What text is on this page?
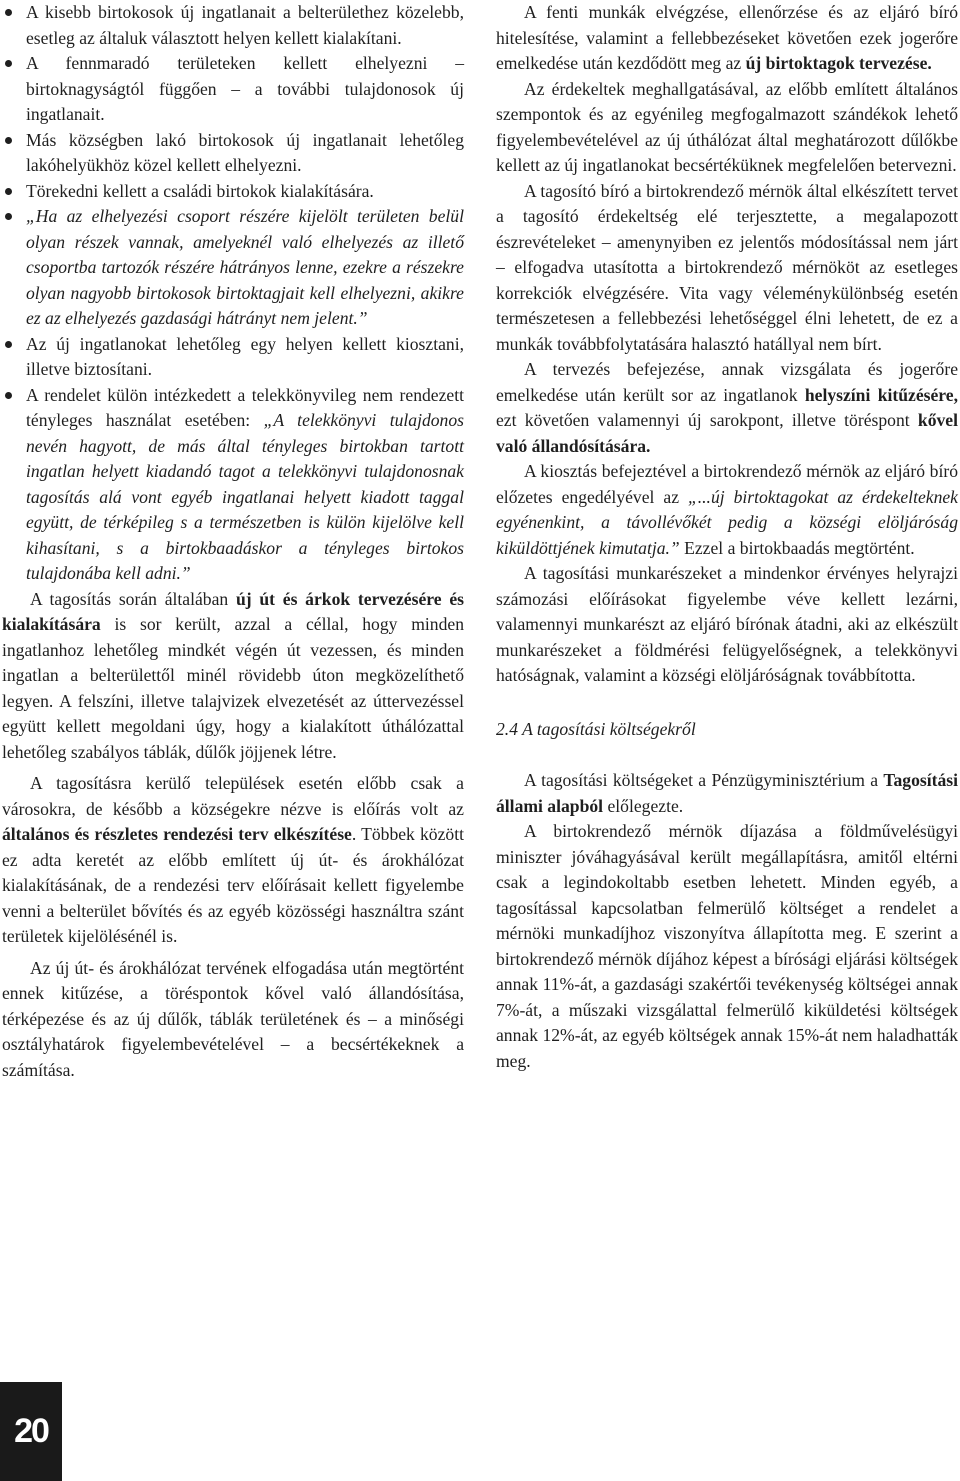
A kisebb birtokosok új ingatlanait a belterülethez közelebb, esetleg az általuk választott helyen kellett kialakítani.
A fennmaradó területeken kellett elhelyezni – birtoknagyságtól függően – a további tulajdonosok új ingatlanait.
Más községben lakó birtokosok új ingatlanait lehetőleg lakóhelyükhöz közel kellett elhelyezni.
Törekedni kellett a családi birtokok kialakítására.
„Ha az elhelyezési csoport részére kijelölt területen belül olyan részek vannak, amelyeknél való elhelyezés az illető csoportba tartozók részére hátrányos lenne, ezekre a részekre olyan nagyobb birtokosok birtoktagjait kell elhelyezni, akikre ez az elhelyezés gazdasági hátrányt nem jelent.”
Az új ingatlanokat lehetőleg egy helyen kellett kiosztani, illetve biztosítani.
A rendelet külön intézkedett a telekkönyvileg nem rendezett tényleges használat esetében: „A telekkönyvi tulajdonos nevén hagyott, de más által tényleges birtokban tartott ingatlan helyett kiadandó tagot a telekkönyvi tulajdonosnak tagosítás alá vont egyéb ingatlanai helyett kiadott taggal együtt, de térképileg s a természetben is külön kijelölve kell kihasítani, s a birtokbaadáskor a tényleges birtokos tulajdonába kell adni.”

A tagosítás során általában új út és árkok tervezésére és kialakítására is sor került, azzal a céllal, hogy minden ingatlanhoz lehetőleg mindkét végén út vezessen, és minden ingatlan a belterülettől minél rövidebb úton megközelíthető legyen. A felszíni, illetve talajvizek elvezetését az úttervezéssel együtt kellett megoldani úgy, hogy a kialakított úthálózattal lehetőleg szabályos táblák, dűlők jöjjenek létre.

A tagosításra kerülő települések esetén előbb csak a városokra, de később a községekre nézve is előírás volt az általános és részletes rendezési terv elkészítése. Többek között ez adta keretét az előbb említett új út- és árokhálózat kialakításának, de a rendezési terv előírásait kellett figyelembe venni a belterület bővítés és az egyéb közösségi használtra szánt területek kijelölésénél is.

Az új út- és árokhálózat tervének elfogadása után megtörtént ennek kitűzése, a töréspontok kővel való állandósítása, térképezése és az új dűlők, táblák területének és – a minőségi osztályhatárok figyelembevételével – a becsértékeknek a számítása.

A fenti munkák elvégzése, ellenőrzése és az eljáró bíró hitelesítése, valamint a fellebbezéseket követően ezek jogerőre emelkedése után kezdődött meg az új birtoktagok tervezése.

Az érdekeltek meghallgatásával, az előbb említett általános szempontok és az egyénileg megfogalmazott szándékok lehető figyelembevételével az új úthálózat által meghatározott dűlőkbe kellett az új ingatlanokat becsértéküknek megfelelően betervezni.

A tagosító bíró a birtokrendező mérnök által elkészített tervet a tagosító érdekeltség elé terjesztette, a megalapozott észrevételeket – amenynyiben ez jelentős módosítással nem járt – elfogadva utasította a birtokrendező mérnököt az esetleges korrekciók elvégzésére. Vita vagy véleménykülönbség esetén természetesen a fellebbezési lehetőséggel élni lehetett, de ez a munkák továbbfolytatására halasztó hatállyal nem bírt.

A tervezés befejezése, annak vizsgálata és jogerőre emelkedése után került sor az ingatlanok helyszíni kitűzésére, ezt követően valamennyi új sarokpont, illetve töréspont kővel való állandósítására.

A kiosztás befejeztével a birtokrendező mérnök az eljáró bíró előzetes engedélyével az „...új birtoktagokat az érdekelteknek egyénenkint, a távollévőkét pedig a községi elöljáróság kiküldöttjének kimutatja.” Ezzel a birtokbaadás megtörtént.

A tagosítási munkarészeket a mindenkor érvényes helyrajzi számozási előírásokat figyelembe véve kellett lezárni, valamennyi munkarészt az eljáró bírónak átadni, aki az elkészült munkarészeket a földmérési felügyelőségnek, a telekkönyvi hatóságnak, valamint a községi elöljáróságnak továbbította.

2.4 A tagosítási költségekről

A tagosítási költségeket a Pénzügyminisztérium a Tagosítási állami alapból előlegezte.

A birtokrendező mérnök díjazása a földművelésügyi miniszter jóváhagyásával került megállapításra, amitől eltérni csak a legindokoltabb esetben lehetett. Minden egyéb, a tagosítással kapcsolatban felmerülő költséget a rendelet a mérnöki munkadíjhoz viszonyítva állapította meg. E szerint a birtokrendező mérnök díjához képest a bírósági eljárási költségek annak 11%-át, a gazdasági szakértői tevékenység költségei annak 7%-át, a műszaki vizsgálattal felmerülő kiküldetési költségek annak 12%-át, az egyéb költségek annak 15%-át nem haladhatták meg.

20
